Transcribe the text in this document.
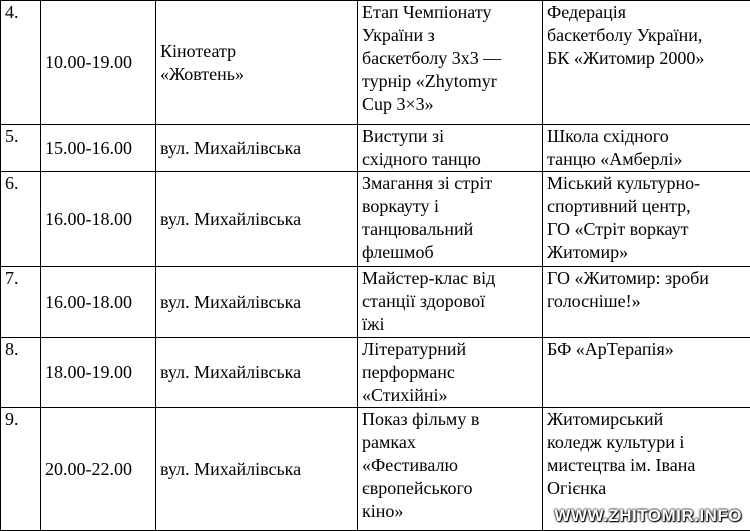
4.	10.00-19.00	Кінотеатр
«Жовтень»	Етап Чемпіонату
України з
баскетболу 3х3 —
турнір «Zhytomyr
Cup 3×3»	Федерація
баскетболу України,
БК «Житомир 2000»

5.	15.00-16.00	вул. Михайлівська	Виступи зі
східного танцю	Школа східного
танцю «Амберлі»

6.	16.00-18.00	вул. Михайлівська	Змагання зі стріт
воркауту і
танцювальний
флешмоб	Міський культурно-
спортивний центр,
ГО «Стріт воркаут
Житомир»

7.	16.00-18.00	вул. Михайлівська	Майстер-клас від
станції здорової
їжі	ГО «Житомир: зроби
голосніше!»

8.	18.00-19.00	вул. Михайлівська	Літературний
перформанс
«Стихійні»	БФ «АрТерапія»

9.	20.00-22.00	вул. Михайлівська	Показ фільму в
рамках
«Фестивалю
європейського
кіно»	Житомирський
коледж культури і
мистецтва ім. Івана
Огієнка
WWW.ZHITOMIR.INFO
